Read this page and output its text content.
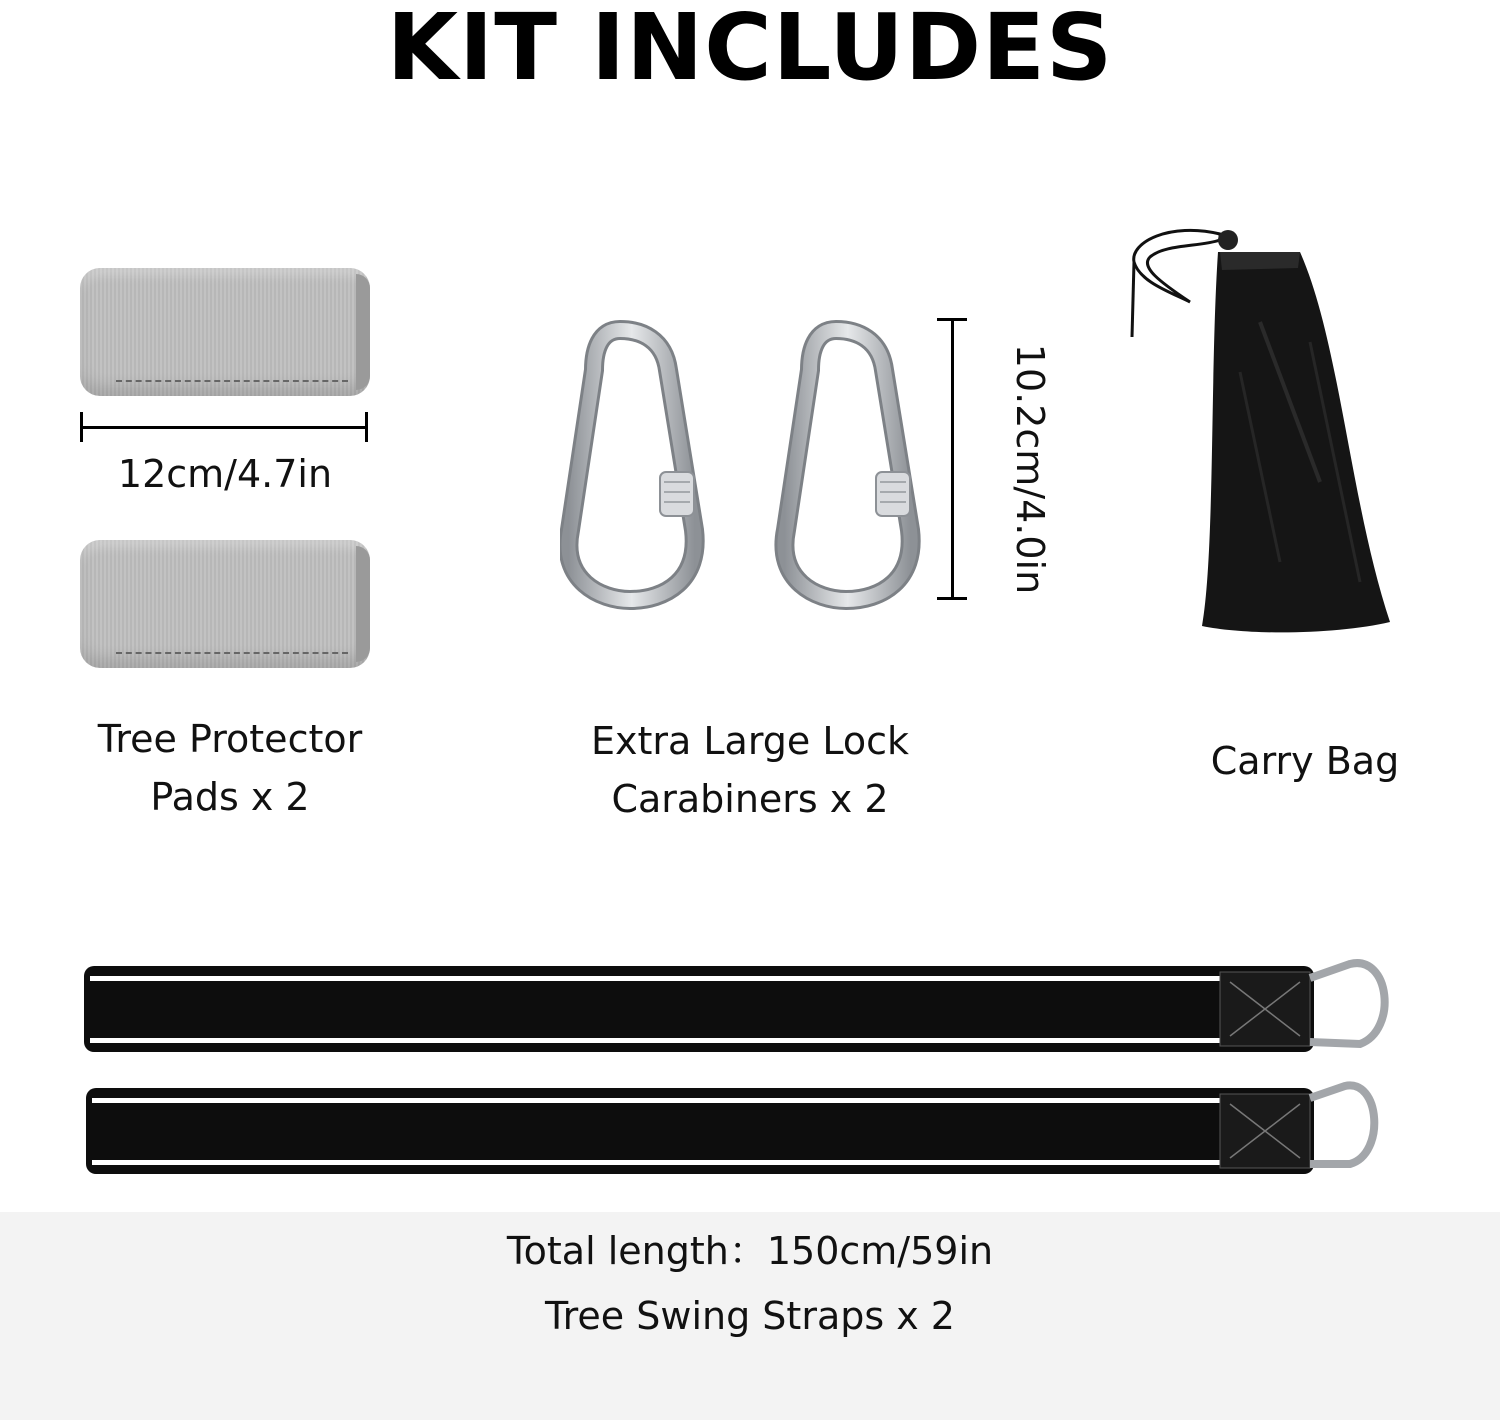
KIT INCLUDES
12cm/4.7in
Tree Protector
Pads x 2
10.2cm/4.0in
Extra Large Lock
Carabiners x 2
Carry Bag
Total length：150cm/59in
Tree Swing Straps x 2
